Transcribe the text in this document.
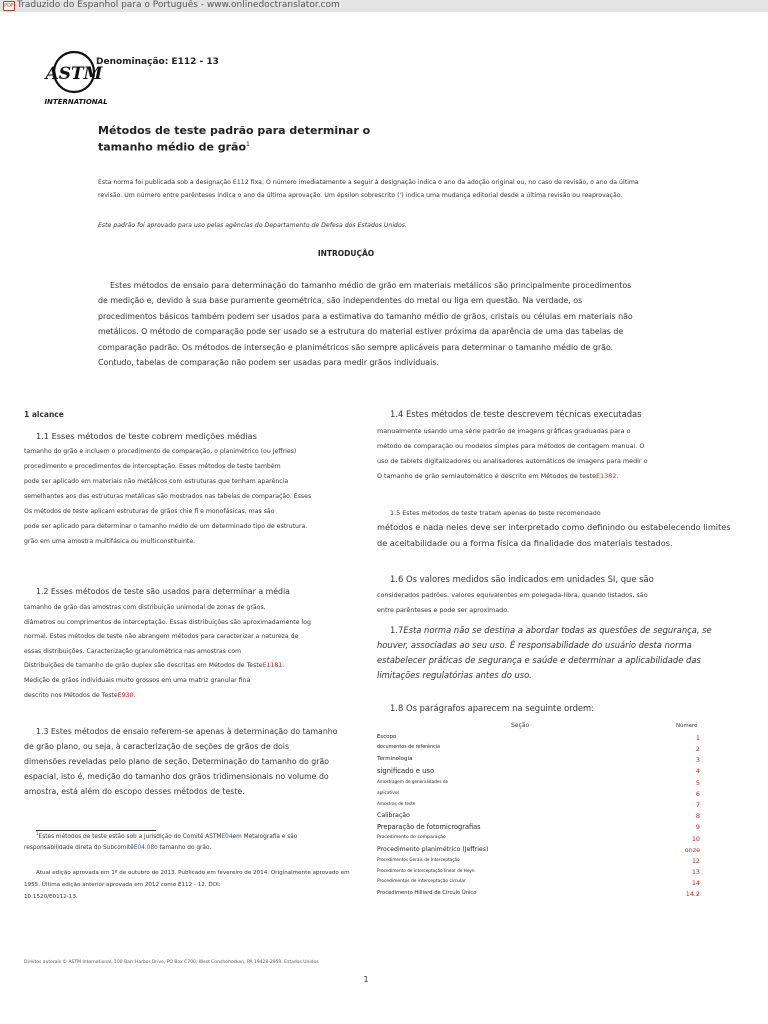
PDF Traduzido do Espanhol para o Português - www.onlinedoctranslator.com
ASTM
INTERNATIONAL
Denominação: E112 - 13
Métodos de teste padrão para determinar o
tamanho médio de grão$^1$
Esta norma foi publicada sob a designação E112 fixa; O número imediatamente a seguir à designação indica o ano da adoção original ou, no caso de revisão, o ano da última
revisão. Um número entre parênteses indica o ano da última aprovação. Um épsilon sobrescrito (') indica uma mudança editorial desde a última revisão ou reaprovação.
Este padrão foi aprovado para uso pelas agências do Departamento de Defesa dos Estados Unidos.
INTRODUÇÃO
Estes métodos de ensaio para determinação do tamanho médio de grão em materiais metálicos são principalmente procedimentos de medição e, devido à sua base puramente geométrica, são independentes do metal ou liga em questão. Na verdade, os procedimentos básicos também podem ser usados para a estimativa do tamanho médio de grãos, cristais ou células em materiais não metálicos. O método de comparação pode ser usado se a estrutura do material estiver próxima da aparência de uma das tabelas de comparação padrão. Os métodos de interseção e planimétricos são sempre aplicáveis para determinar o tamanho médio de grão. Contudo, tabelas de comparação não podem ser usadas para medir grãos individuais.
1 alcance
1.1 Esses métodos de teste cobrem medições médias
tamanho do grão e incluem o procedimento de comparação, o planimétrico (ou Jeffries)
procedimento e procedimentos de interceptação. Esses métodos de teste também
pode ser aplicado em materiais não metálicos com estruturas que tenham aparência
semelhantes aos das estruturas metálicas são mostrados nas tabelas de comparação. Esses
Os métodos de teste aplicam estruturas de grãos chie fl e monofásicas, mas são
pode ser aplicado para determinar o tamanho médio de um determinado tipo de estrutura.
grão em uma amostra multifásica ou multiconstituinte.
1.2 Esses métodos de teste são usados para determinar a média
tamanho de grão das amostras com distribuição unimodal de zonas de grãos,
diâmetros ou comprimentos de interceptação. Essas distribuições são aproximadamente log
normal. Estes métodos de teste não abrangem métodos para caracterizar a natureza de
essas distribuições. Caracterização granulométrica nas amostras com
Distribuições de tamanho de grão duplex são descritas em Métodos de TesteE1181.
Medição de grãos individuais muito grossos em uma matriz granular fina
descrito nos Métodos de TesteE930.
1.3 Estes métodos de ensaio referem-se apenas à determinação do tamanho
de grão plano, ou seja, à caracterização de seções de grãos de dois
dimensões reveladas pelo plano de seção. Determinação do tamanho do grão
espacial, isto é, medição do tamanho dos grãos tridimensionais no volume do
amostra, está além do escopo desses métodos de teste.
$^1$Estes métodos de teste estão sob a jurisdição do Comitê ASTME04em Metalografia e são
responsabilidade direta do SubcomitêE04.08o tamanho do grão.
Atual edição aprovada em 1º de outubro de 2013. Publicado em fevereiro de 2014. Originalmente aprovado em
1955. Última edição anterior aprovada em 2012 como E112 - 12. DOI:
10.1520/E0112-13.
1.4 Estes métodos de teste descrevem técnicas executadas
manualmente usando uma série padrão de imagens gráficas graduadas para o
método de comparação ou modelos simples para métodos de contagem manual. O
uso de tablets digitalizadores ou analisadores automáticos de imagens para medir o
O tamanho de grão semiautomático é descrito em Métodos de testeE1382.
1.5 Estes métodos de teste tratam apenas do teste recomendado
métodos e nada neles deve ser interpretado como definindo ou estabelecendo limites
de aceitabilidade ou a forma física da finalidade dos materiais testados.
1.6 Os valores medidos são indicados em unidades SI, que são
considerados padrões. valores equivalentes em polegada-libra, quando listados, são
entre parênteses e pode ser aproximado.
1.7Esta norma não se destina a abordar todas as questões de segurança, se
houver, associadas ao seu uso. É responsabilidade do usuário desta norma
estabelecer práticas de segurança e saúde e determinar a aplicabilidade das
limitações regulatórias antes do uso.
1.8 Os parágrafos aparecem na seguinte ordem:
Seção	Número
Escopo	1
documentos de referência	2
Terminologia	3
significado e uso	4
Amostragem de generalidades de	5
aplicativos	6
Amostras de teste	7
Calibração	8
Preparação de fotomicrografias	9
Procedimento de comparação	10
Procedimento planimétrico (Jeffries)	onze
Procedimentos Gerais de Interceptação	12
Procedimento de interceptação linear de Heyn	13
Procedimentos de interceptação circular	14
Procedimento Hilliard de Círculo Único	14.2
Direitos autorais © ASTM International, 100 Barr Harbor Drive, PO Box C700, West Conshohocken, PA 19428-2959. Estados Unidos
1
